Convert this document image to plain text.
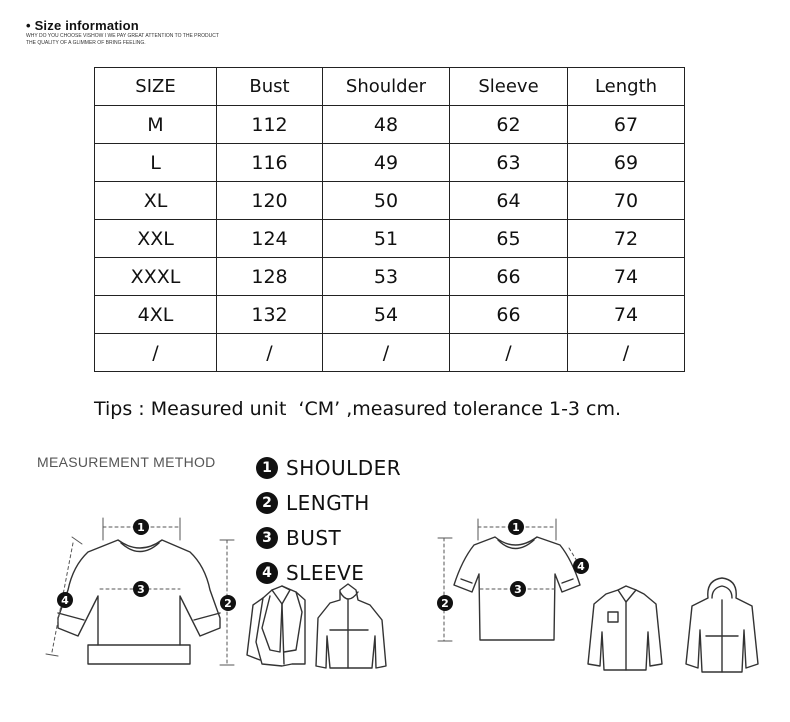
• Size information
WHY DO YOU CHOOSE VISHOW I WE PAY GREAT ATTENTION TO THE PRODUCT
THE QUALITY OF A GLIMMER OF BRING FEELING.
SIZE	Bust	Shoulder	Sleeve	Length
M	112	48	62	67
L	116	49	63	69
XL	120	50	64	70
XXL	124	51	65	72
XXXL	128	53	66	74
4XL	132	54	66	74
/	/	/	/	/
Tips : Measured unit  ‘CM’ ,measured tolerance 1-3 cm.
MEASUREMENT METHOD	1 SHOULDER
2 LENGTH
3 BUST
4 SLEEVE
1
3
2
4
1
3
2
4
